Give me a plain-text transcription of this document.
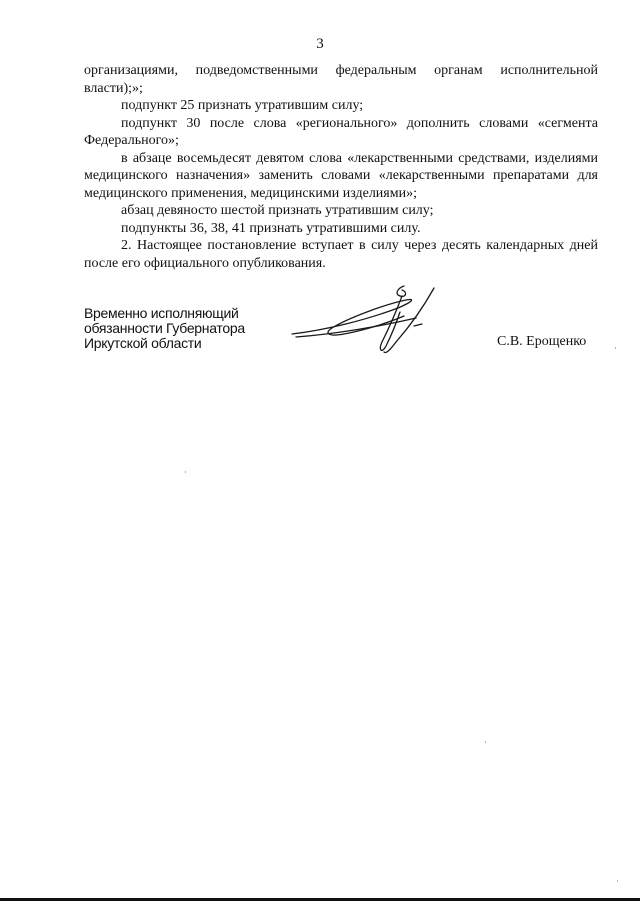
3

организациями, подведомственными федеральным органам исполнительной власти);»;

подпункт 25 признать утратившим силу;

подпункт 30 после слова «регионального» дополнить словами «сегмента Федерального»;

в абзаце восемьдесят девятом слова «лекарственными средствами, изделиями медицинского назначения» заменить словами «лекарственными препаратами для медицинского применения, медицинскими изделиями»;

абзац девяносто шестой признать утратившим силу;

подпункты 36, 38, 41 признать утратившими силу.

2. Настоящее постановление вступает в силу через десять календарных дней после его официального опубликования.

Временно исполняющий
обязанности Губернатора
Иркутской области	С.В. Ерощенко
